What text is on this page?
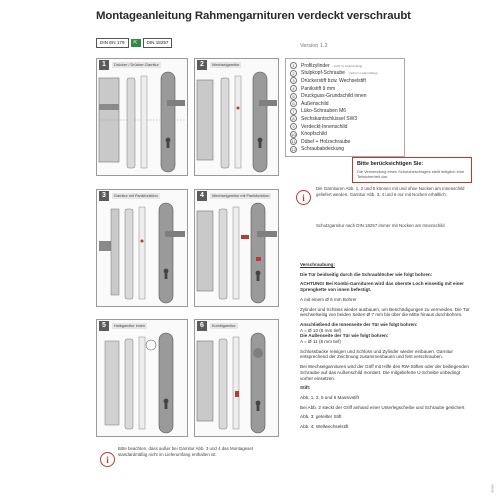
Montageanleitung Rahmengarnituren verdeckt verschraubt
DIN EN 179	⇱	DIN 18257
Version 1.2
1	Drücker / Drücker-Garnitur	2	Wechselgarnitur
3	Garnitur mit Panikfunktion	4	Wechselgarnitur mit Panikfunktion
5	Halbgarnitur innen	6	Kombigarnitur
1	Profilzylinder (nicht im Lieferumfang)
2	Stulpkopf-Schraube (nicht im Lieferumfang)
3	Drückerstift bzw. Wechselstift
4	Panikstift 9 mm
5	Druckguss-Grundschild innen
6	Außenschild
7	Lüko-Schrauben M6
8	Sechskantschlüssel SW3
9	Verdeckt-Innenschild
10 Knopfschild
11 Dübel + Holzschraube
12 Schraubabdeckung
Bitte berücksichtigen Sie:
Die Verwendung eines Schutzbeschlages stellt lediglich eine Teilsicherheit dar.
i
Die Garnituren Abb. 1, 2 und 5 können mit und ohne Nocken am Innenschild geliefert werden. Garnitur Abb. 3, 4 und 6 nur mit Nocken erhältlich.
Schutzgarnitur nach DIN 18257 immer mit Nocken am Innenschild
i
Bitte beachten, dass außer bei Garnitur Abb. 3 und 4 das Montageset standardmäßig nicht im Lieferumfang enthalten ist.

Verschraubung:

Die Tür beidseitig durch die Schraublöcher wie folgt bohren:

ACHTUNG! Bei Kombi-Garnituren wird das oberste Loch einseitig mit einer Sprengkette von innen befestigt.

A mit einem Ø 6 mm Bohrer

Zylinder und Schloss wieder ausbauen, um Beschädigungen zu vermeiden. Die Tür wechselseitig von beiden Seiten Ø 7 mm bis über die Mitte hinaus durchbohren.

Anschließend die Innenseite der Tür wie folgt bohren:

A = Ø 10 (8 mm tief)

Die Außenseite der Tür wie folgt bohren:

A = Ø 11 (8 mm tief)

Schlossbacke reinigen und Schloss und Zylinder wieder einbauen. Garnitur entsprechend der Zeichnung zusammenbauen und fest verschrauben.

Bei Wechselgarnituren wird der Griff mit Hilfe des RW-Stiftes oder der beiliegenden Schraube auf das Außenschild montiert. Die mitgelieferte U-Scheibe unbedingt vorher einsetzen.

Stift:

Abb. 1, 2, 5 und 6 Massivstift

Bei Abb. 2 steckt der Griff anhand einer Unterlegscheibe und Schraube gesichert

Abb. 3: geteilter Stift

Abb. 4: Wellwechselstift

80086
